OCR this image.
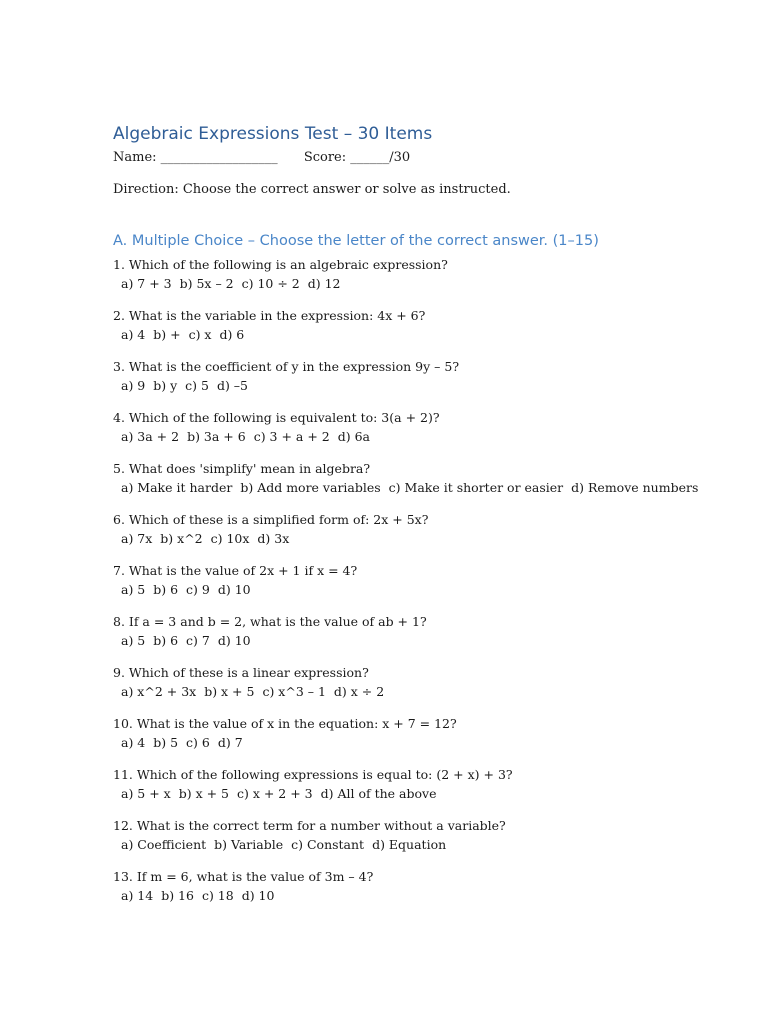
Algebraic Expressions Test – 30 Items
Name: __________________ Score: ______/30
Direction: Choose the correct answer or solve as instructed.
A. Multiple Choice – Choose the letter of the correct answer. (1–15)
1. Which of the following is an algebraic expression?
a) 7 + 3 b) 5x – 2 c) 10 ÷ 2 d) 12
2. What is the variable in the expression: 4x + 6?
a) 4 b) + c) x d) 6
3. What is the coefficient of y in the expression 9y – 5?
a) 9 b) y c) 5 d) –5
4. Which of the following is equivalent to: 3(a + 2)?
a) 3a + 2 b) 3a + 6 c) 3 + a + 2 d) 6a
5. What does 'simplify' mean in algebra?
a) Make it harder b) Add more variables c) Make it shorter or easier d) Remove numbers
6. Which of these is a simplified form of: 2x + 5x?
a) 7x b) x^2 c) 10x d) 3x
7. What is the value of 2x + 1 if x = 4?
a) 5 b) 6 c) 9 d) 10
8. If a = 3 and b = 2, what is the value of ab + 1?
a) 5 b) 6 c) 7 d) 10
9. Which of these is a linear expression?
a) x^2 + 3x b) x + 5 c) x^3 – 1 d) x ÷ 2
10. What is the value of x in the equation: x + 7 = 12?
a) 4 b) 5 c) 6 d) 7
11. Which of the following expressions is equal to: (2 + x) + 3?
a) 5 + x b) x + 5 c) x + 2 + 3 d) All of the above
12. What is the correct term for a number without a variable?
a) Coefficient b) Variable c) Constant d) Equation
13. If m = 6, what is the value of 3m – 4?
a) 14 b) 16 c) 18 d) 10
